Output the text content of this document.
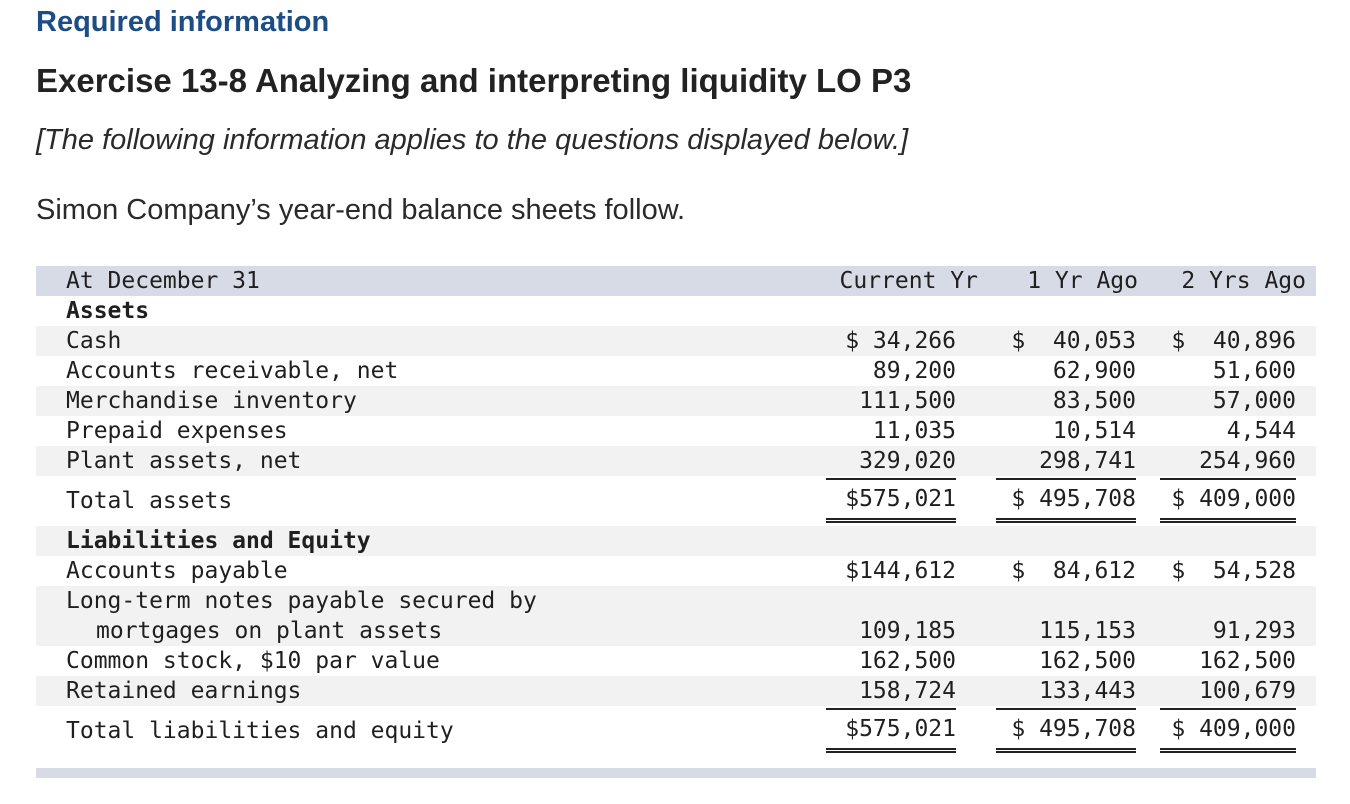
Required information
Exercise 13-8 Analyzing and interpreting liquidity LO P3
[The following information applies to the questions displayed below.]
Simon Company’s year-end balance sheets follow.
At December 31	Current Yr	1 Yr Ago	2 Yrs Ago
Assets
Cash	$ 34,266	$  40,053	$  40,896
Accounts receivable, net	89,200	62,900	51,600
Merchandise inventory	111,500	83,500	57,000
Prepaid expenses	11,035	10,514	4,544
Plant assets, net	329,020	298,741	254,960
Total assets	$575,021	$ 495,708	$ 409,000
Liabilities and Equity
Accounts payable	$144,612	$  84,612	$  54,528
Long-term notes payable secured by
mortgages on plant assets	109,185	115,153	91,293
Common stock, $10 par value	162,500	162,500	162,500
Retained earnings	158,724	133,443	100,679
Total liabilities and equity	$575,021	$ 495,708	$ 409,000
